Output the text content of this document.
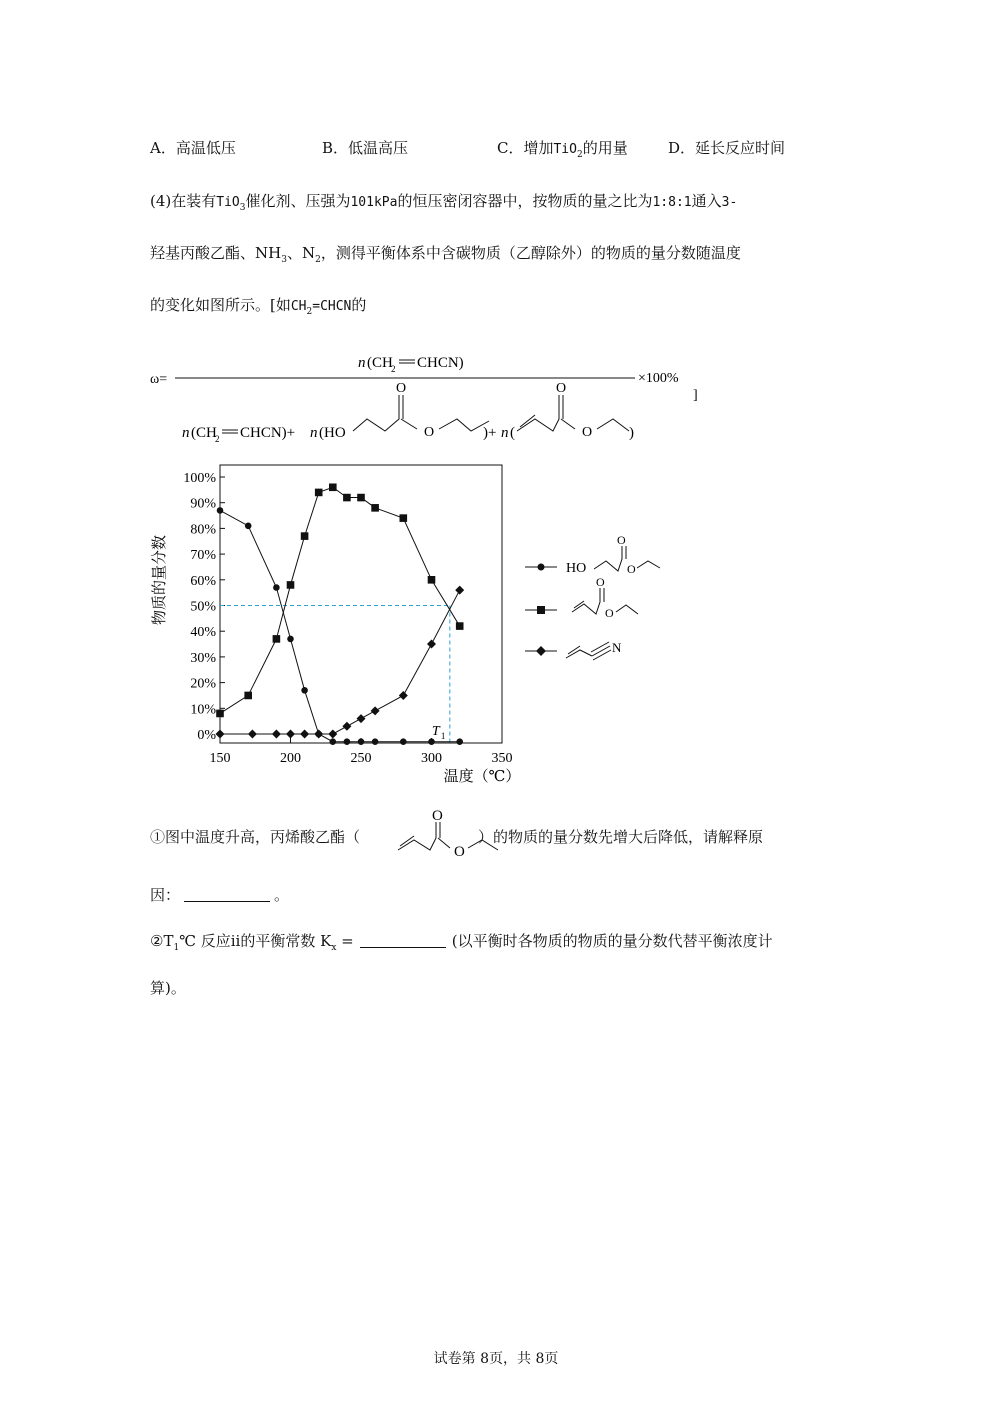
A．高温低压	B．低温高压	C．增加TiO$_2$的用量	D．延长反应时间
(4)在装有TiO$_3$催化剂、压强为101kPa的恒压密闭容器中，按物质的量之比为1:8:1通入3-
羟基丙酸乙酯、$NH_3$、$N_2$，测得平衡体系中含碳物质（乙醇除外）的物质的量分数随温度
的变化如图所示。[如$CH_2=CHCN$的
ω=	×100%
]
n (CH
2 CHCN)
n (CH
2 CHCN)+ n (HO
O
O	)+ n (
O
O )
0%
10%
20%
30%
40%
50%
60%
70%
80%
90%
100%
150	200	250	300	350
物质的量分数
温度（℃）
T 1
HO
O
O
O
O
N
①图中温度升高，丙烯酸乙酯（	）的物质的量分数先增大后降低，请解释原
O
O
因：	。
$②T_1℃$ 反应ⅱ的平衡常数 $K_x$ =	(以平衡时各物质的物质的量分数代替平衡浓度计
算)。
试卷第 8页，共 8页
